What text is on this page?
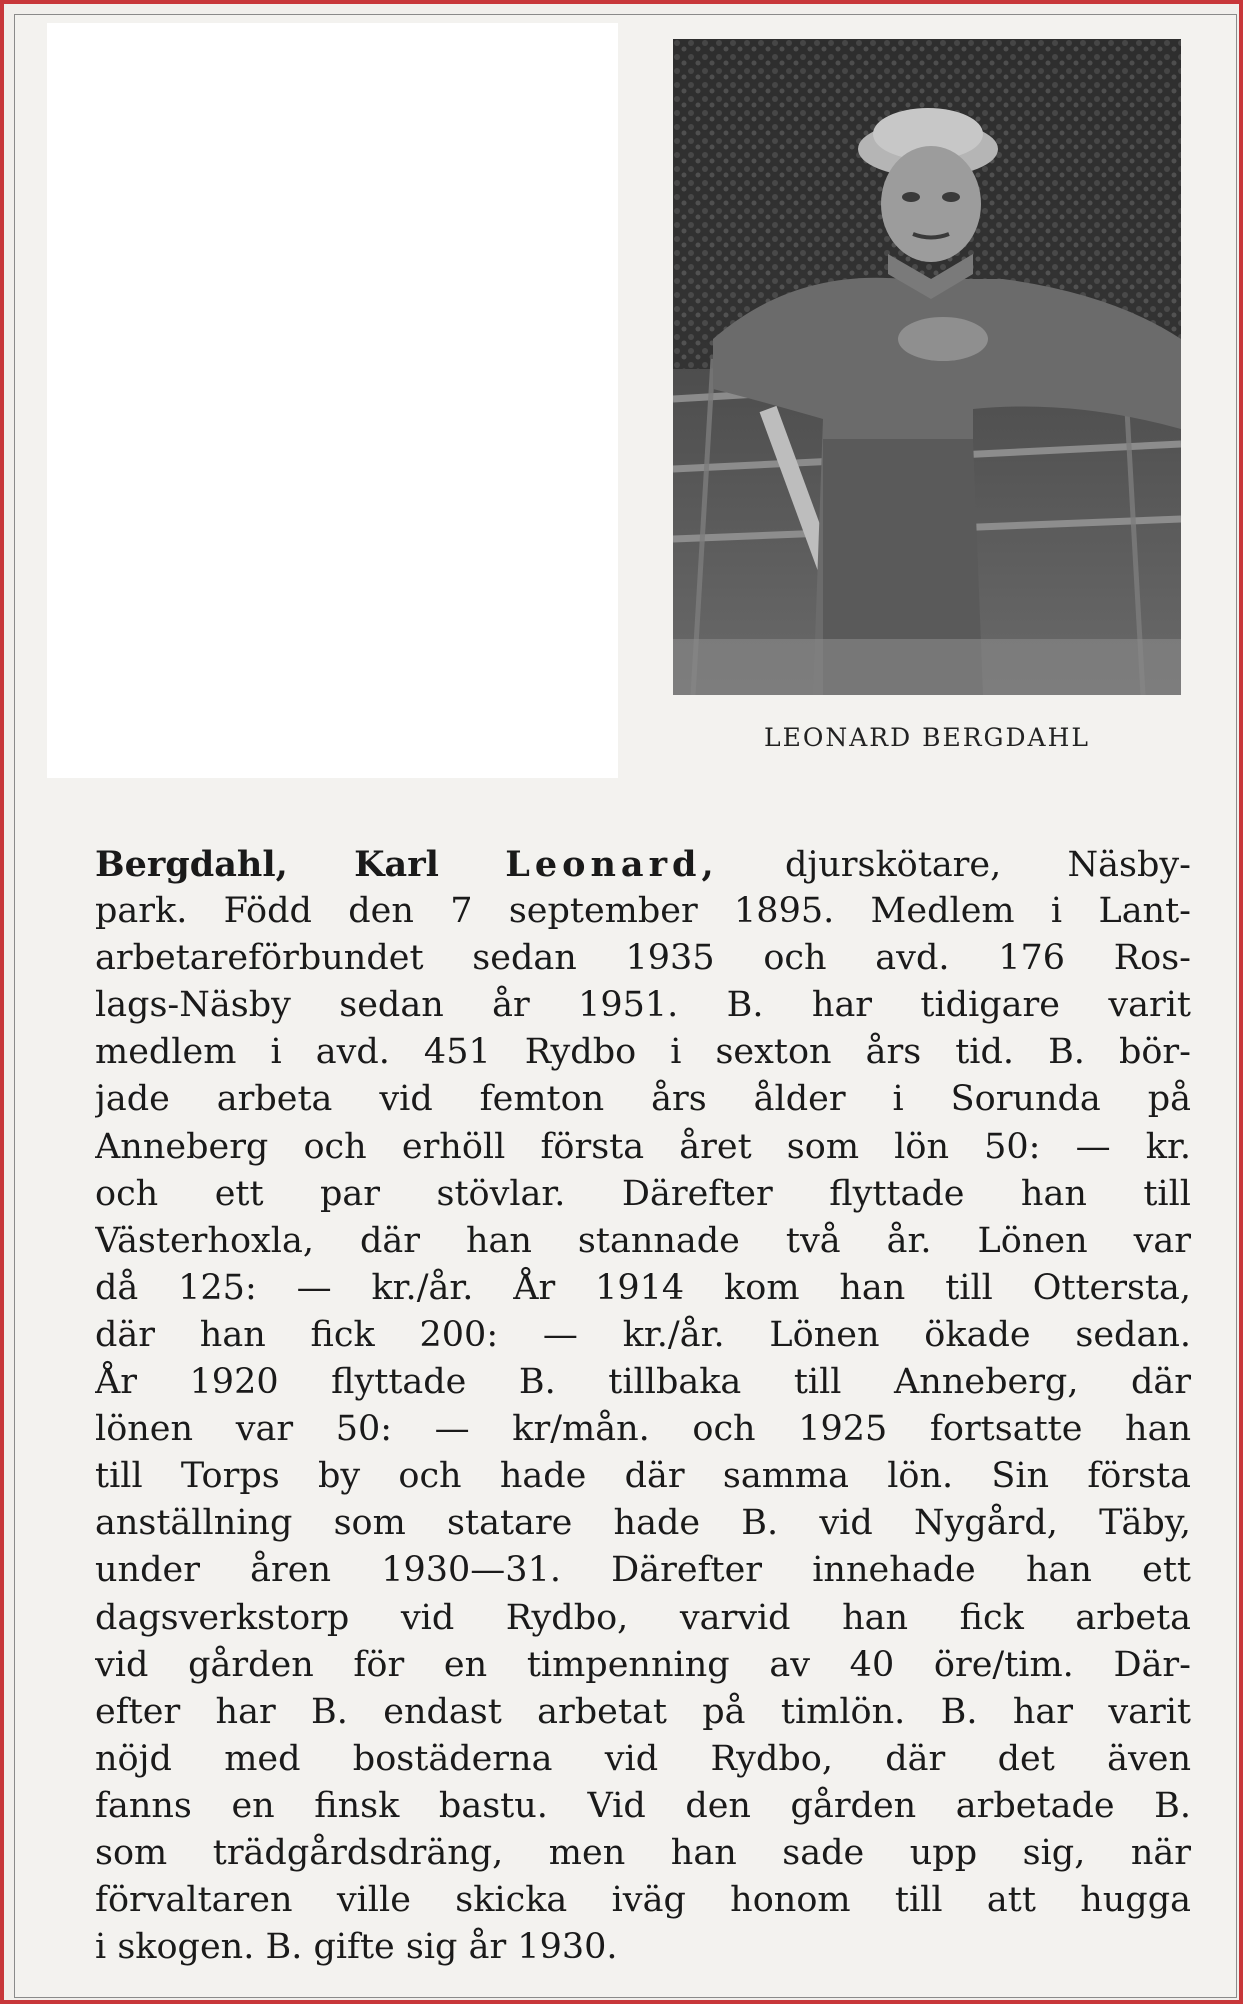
LEONARD BERGDAHL
Bergdahl, Karl Leonard, djurskötare, Näsby-
park. Född den 7 september 1895. Medlem i Lant-
arbetareförbundet sedan 1935 och avd. 176 Ros-
lags-Näsby sedan år 1951. B. har tidigare varit
medlem i avd. 451 Rydbo i sexton års tid. B. bör-
jade arbeta vid femton års ålder i Sorunda på
Anneberg och erhöll första året som lön 50: — kr.
och ett par stövlar. Därefter flyttade han till
Västerhoxla, där han stannade två år. Lönen var
då 125: — kr./år. År 1914 kom han till Ottersta,
där han fick 200: — kr./år. Lönen ökade sedan.
År 1920 flyttade B. tillbaka till Anneberg, där
lönen var 50: — kr/mån. och 1925 fortsatte han
till Torps by och hade där samma lön. Sin första
anställning som statare hade B. vid Nygård, Täby,
under åren 1930—31. Därefter innehade han ett
dagsverkstorp vid Rydbo, varvid han fick arbeta
vid gården för en timpenning av 40 öre/tim. Där-
efter har B. endast arbetat på timlön. B. har varit
nöjd med bostäderna vid Rydbo, där det även
fanns en finsk bastu. Vid den gården arbetade B.
som trädgårdsdräng, men han sade upp sig, när
förvaltaren ville skicka iväg honom till att hugga
i skogen. B. gifte sig år 1930.
